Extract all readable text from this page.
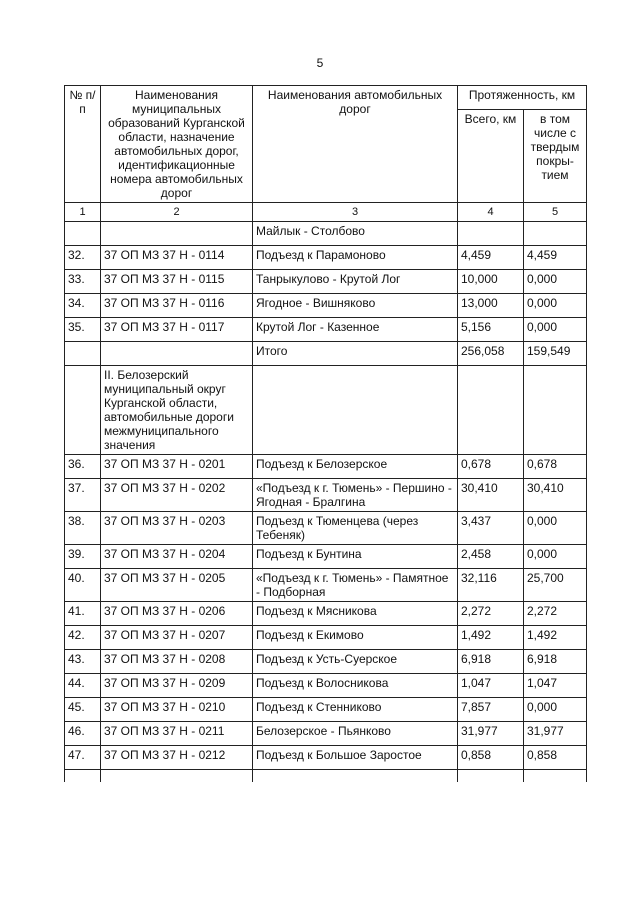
5
№ п/п	Наименования муниципальных образований Курганской области, назначение автомобильных дорог, идентификационные номера автомобильных дорог	Наименования автомобильных дорог	Протяженность, км	
			Всего, км	в том числе с твердым покры-тием
1	2	3	4	5
		Майлык - Столбово		
32.	37 ОП МЗ 37 Н - 0114	Подъезд к Парамоново	4,459	4,459
33.	37 ОП МЗ 37 Н - 0115	Танрыкулово - Крутой Лог	10,000	0,000
34.	37 ОП МЗ 37 Н - 0116	Ягодное - Вишняково	13,000	0,000
35.	37 ОП МЗ 37 Н - 0117	Крутой Лог - Казенное	5,156	0,000
		Итого	256,058	159,549
	II. Белозерский муниципальный округ Курганской области, автомобильные дороги межмуниципального значения			
36.	37 ОП МЗ 37 Н - 0201	Подъезд к Белозерское	0,678	0,678
37.	37 ОП МЗ 37 Н - 0202	«Подъезд к г. Тюмень» - Першино - Ягодная - Бралгина	30,410	30,410
38.	37 ОП МЗ 37 Н - 0203	Подъезд к Тюменцева (через Тебеняк)	3,437	0,000
39.	37 ОП МЗ 37 Н - 0204	Подъезд к Бунтина	2,458	0,000
40.	37 ОП МЗ 37 Н - 0205	«Подъезд к г. Тюмень» - Памятное - Подборная	32,116	25,700
41.	37 ОП МЗ 37 Н - 0206	Подъезд к Мясникова	2,272	2,272
42.	37 ОП МЗ 37 Н - 0207	Подъезд к Екимово	1,492	1,492
43.	37 ОП МЗ 37 Н - 0208	Подъезд к Усть-Суерское	6,918	6,918
44.	37 ОП МЗ 37 Н - 0209	Подъезд к Волосникова	1,047	1,047
45.	37 ОП МЗ 37 Н - 0210	Подъезд к Стенниково	7,857	0,000
46.	37 ОП МЗ 37 Н - 0211	Белозерское - Пьянково	31,977	31,977
47.	37 ОП МЗ 37 Н - 0212	Подъезд к Большое Заростое	0,858	0,858
